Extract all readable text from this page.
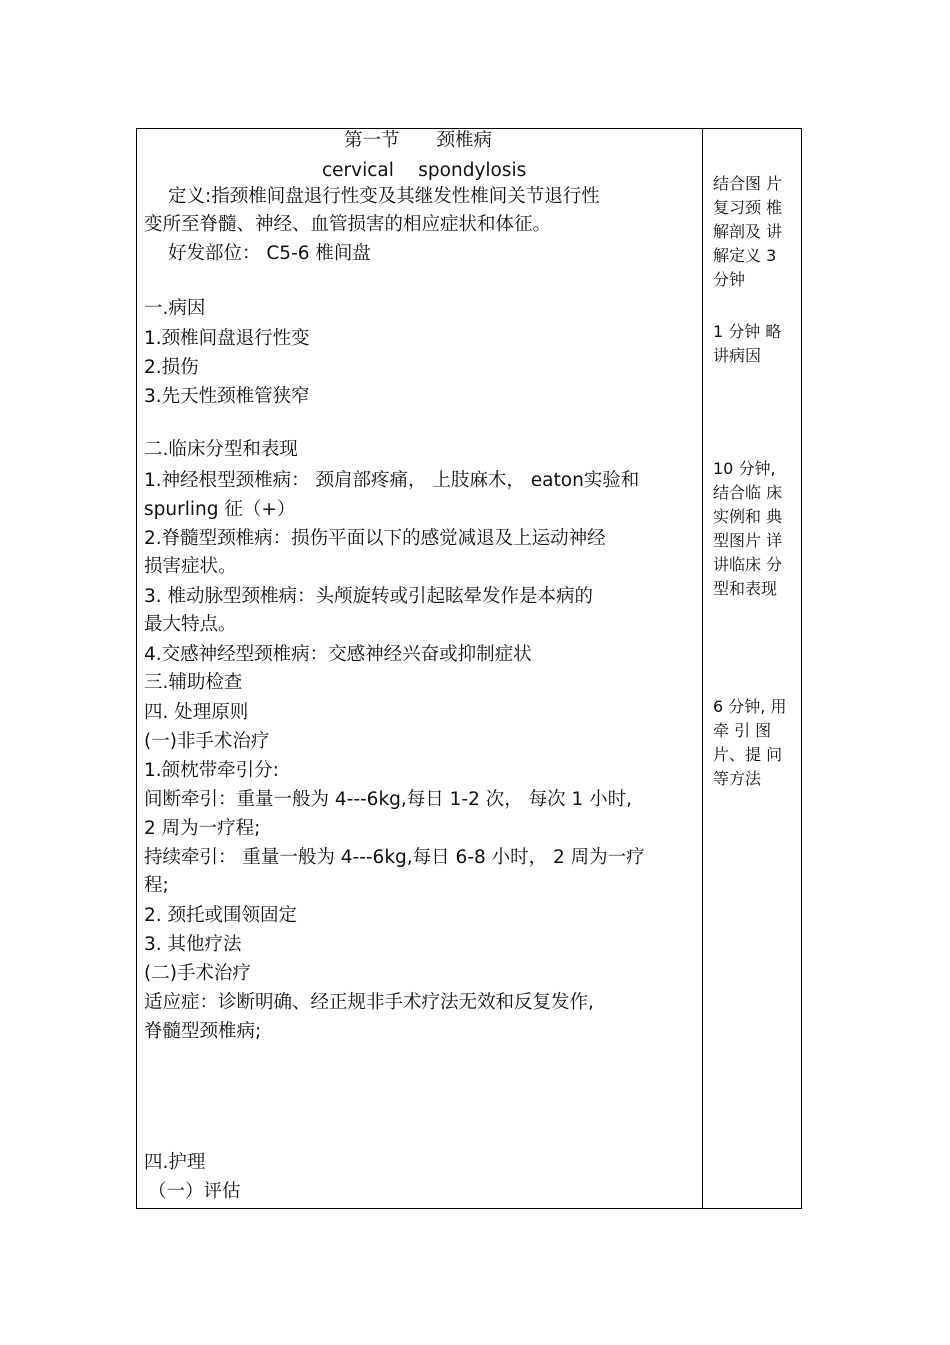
第一节　　颈椎病
cervical　 spondylosis
定义:指颈椎间盘退行性变及其继发性椎间关节退行性
变所至脊髓、神经、血管损害的相应症状和体征。
好发部位： C5-6 椎间盘
一.病因
1.颈椎间盘退行性变
2.损伤
3.先天性颈椎管狭窄
二.临床分型和表现
1.神经根型颈椎病： 颈肩部疼痛， 上肢麻木， eaton实验和
spurling 征（+）
2.脊髓型颈椎病：损伤平面以下的感觉减退及上运动神经
损害症状。
3. 椎动脉型颈椎病：头颅旋转或引起眩晕发作是本病的
最大特点。
4.交感神经型颈椎病：交感神经兴奋或抑制症状
三.辅助检查
四. 处理原则
(一)非手术治疗
1.颌枕带牵引分:
间断牵引：重量一般为 4---6kg,每日 1-2 次， 每次 1 小时,
2 周为一疗程;
持续牵引： 重量一般为 4---6kg,每日 6-8 小时， 2 周为一疗
程;
2. 颈托或围领固定
3. 其他疗法
(二)手术治疗
适应症：诊断明确、经正规非手术疗法无效和反复发作,
脊髓型颈椎病;
四.护理
（一）评估
结合图 片
复习颈 椎
解剖及 讲
解定义 3
分钟
1 分钟 略
讲病因
10 分钟,
结合临 床
实例和 典
型图片 详
讲临床 分
型和表现
6 分钟, 用
牵 引 图
片、提 问
等方法
